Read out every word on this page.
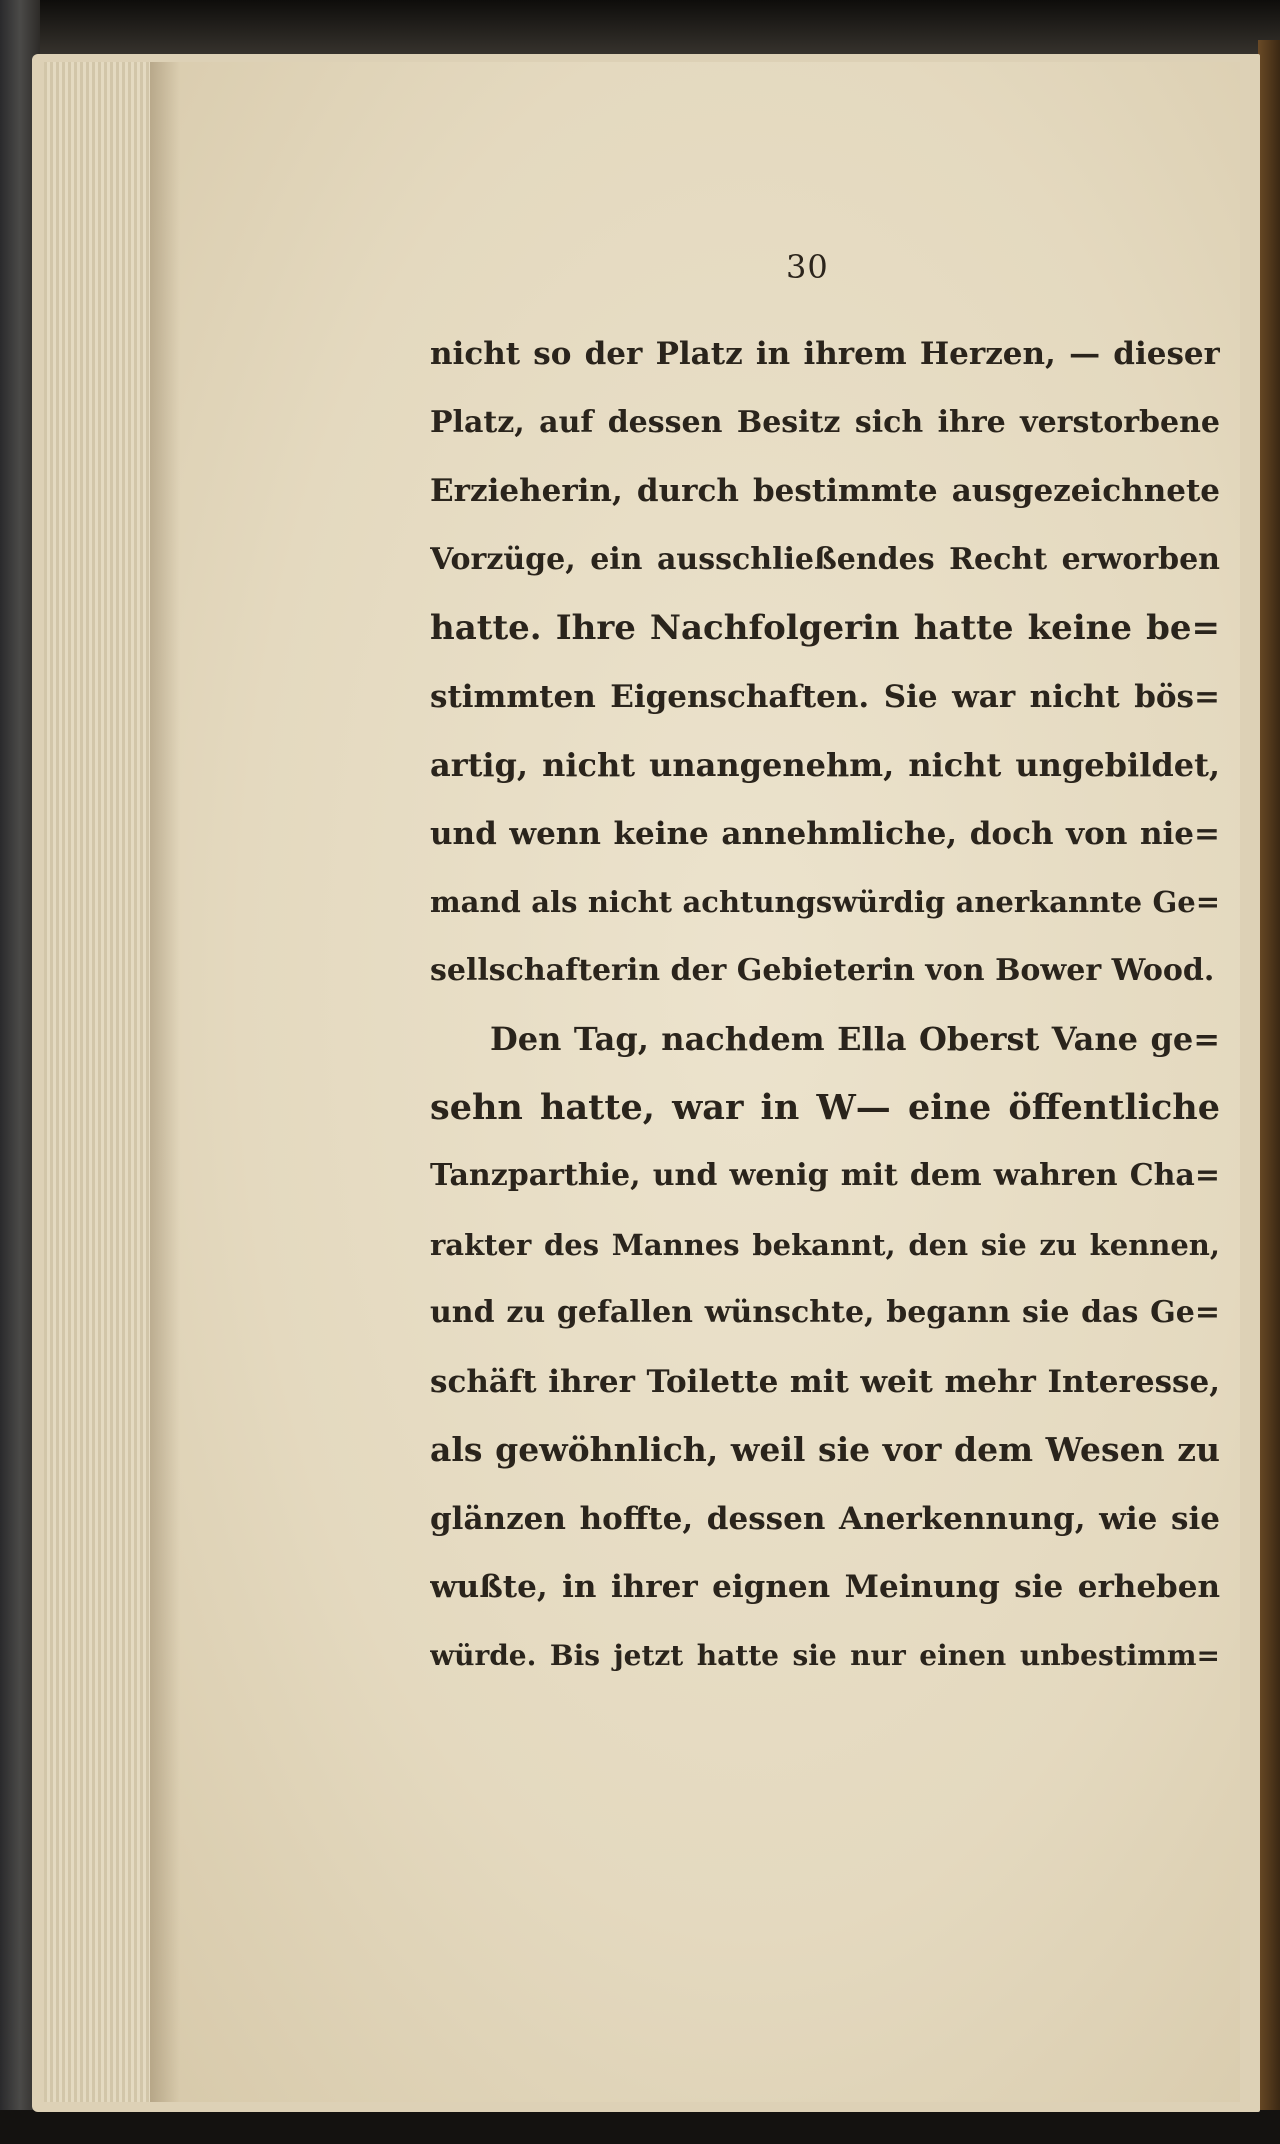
30
nicht so der Platz in ihrem Herzen, — dieser
Platz, auf dessen Besitz sich ihre verstorbene
Erzieherin, durch bestimmte ausgezeichnete
Vorzüge, ein ausschließendes Recht erworben
hatte. Ihre Nachfolgerin hatte keine be=
stimmten Eigenschaften. Sie war nicht bös=
artig, nicht unangenehm, nicht ungebildet,
und wenn keine annehmliche, doch von nie=
mand als nicht achtungswürdig anerkannte Ge=
sellschafterin der Gebieterin von Bower Wood.
Den Tag, nachdem Ella Oberst Vane ge=
sehn hatte, war in W— eine öffentliche
Tanzparthie, und wenig mit dem wahren Cha=
rakter des Mannes bekannt, den sie zu kennen,
und zu gefallen wünschte, begann sie das Ge=
schäft ihrer Toilette mit weit mehr Interesse,
als gewöhnlich, weil sie vor dem Wesen zu
glänzen hoffte, dessen Anerkennung, wie sie
wußte, in ihrer eignen Meinung sie erheben
würde. Bis jetzt hatte sie nur einen unbestimm=
